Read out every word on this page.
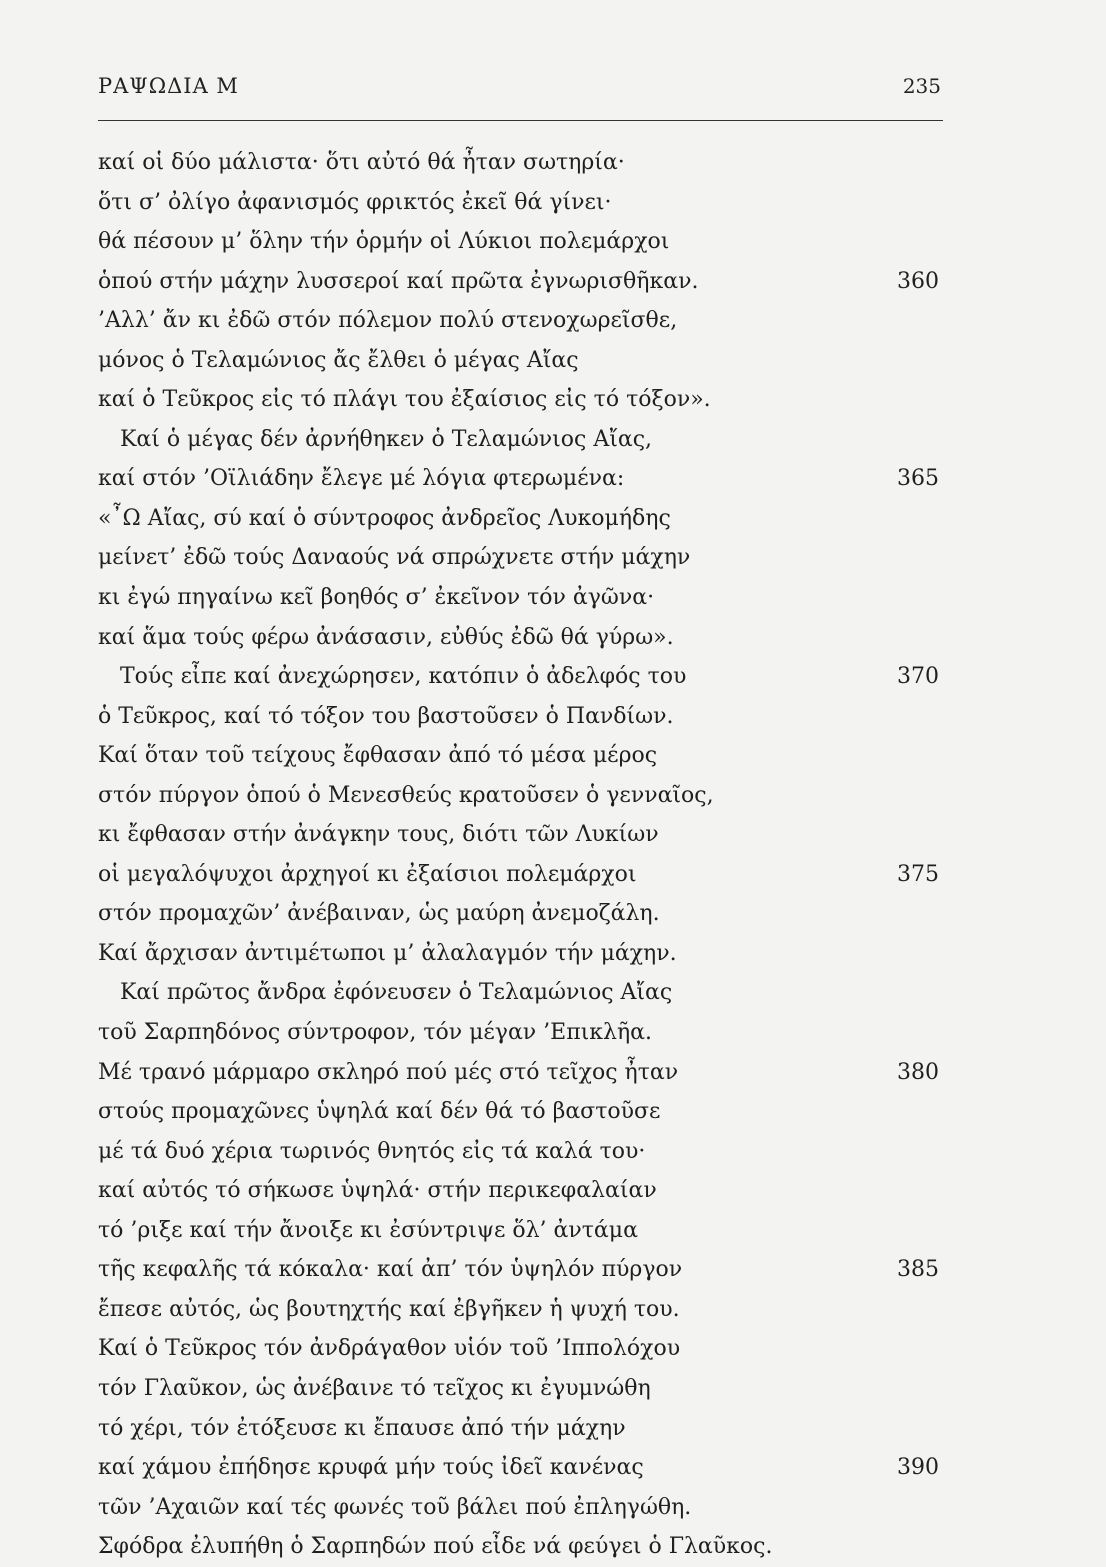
ΡΑΨΩΔΙΑ Μ	235
καί οἱ δύο μάλιστα· ὅτι αὐτό θά ἦταν σωτηρία·
ὅτι σ’ ὀλίγο ἀφανισμός φρικτός ἐκεῖ θά γίνει·
θά πέσουν μ’ ὅλην τήν ὁρμήν οἱ Λύκιοι πολεμάρχοι
ὁπού στήν μάχην λυσσεροί καί πρῶτα ἐγνωρισθῆκαν.	360
’Αλλ’ ἄν κι ἐδῶ στόν πόλεμον πολύ στενοχωρεῖσθε,
μόνος ὁ Τελαμώνιος ἄς ἔλθει ὁ μέγας Αἴας
καί ὁ Τεῦκρος εἰς τό πλάγι του ἐξαίσιος εἰς τό τόξον».
Καί ὁ μέγας δέν ἀρνήθηκεν ὁ Τελαμώνιος Αἴας,
καί στόν ’Οϊλιάδην ἔλεγε μέ λόγια φτερωμένα:	365
«῏Ω Αἴας, σύ καί ὁ σύντροφος ἀνδρεῖος Λυκομήδης
μείνετ’ ἐδῶ τούς Δαναούς νά σπρώχνετε στήν μάχην
κι ἐγώ πηγαίνω κεῖ βοηθός σ’ ἐκεῖνον τόν ἀγῶνα·
καί ἅμα τούς φέρω ἀνάσασιν, εὐθύς ἐδῶ θά γύρω».
Τούς εἶπε καί ἀνεχώρησεν, κατόπιν ὁ ἀδελφός του	370
ὁ Τεῦκρος, καί τό τόξον του βαστοῦσεν ὁ Πανδίων.
Καί ὅταν τοῦ τείχους ἔφθασαν ἀπό τό μέσα μέρος
στόν πύργον ὁπού ὁ Μενεσθεύς κρατοῦσεν ὁ γενναῖος,
κι ἔφθασαν στήν ἀνάγκην τους, διότι τῶν Λυκίων
οἱ μεγαλόψυχοι ἀρχηγοί κι ἐξαίσιοι πολεμάρχοι	375
στόν προμαχῶν’ ἀνέβαιναν, ὡς μαύρη ἀνεμοζάλη.
Καί ἄρχισαν ἀντιμέτωποι μ’ ἀλαλαγμόν τήν μάχην.
Καί πρῶτος ἄνδρα ἐφόνευσεν ὁ Τελαμώνιος Αἴας
τοῦ Σαρπηδόνος σύντροφον, τόν μέγαν ’Επικλῆα.
Μέ τρανό μάρμαρο σκληρό πού μές στό τεῖχος ἦταν	380
στούς προμαχῶνες ὑψηλά καί δέν θά τό βαστοῦσε
μέ τά δυό χέρια τωρινός θνητός εἰς τά καλά του·
καί αὐτός τό σήκωσε ὑψηλά· στήν περικεφαλαίαν
τό ’ριξε καί τήν ἄνοιξε κι ἐσύντριψε ὅλ’ ἀντάμα
τῆς κεφαλῆς τά κόκαλα· καί ἀπ’ τόν ὑψηλόν πύργον	385
ἔπεσε αὐτός, ὡς βουτηχτής καί ἐβγῆκεν ἡ ψυχή του.
Καί ὁ Τεῦκρος τόν ἀνδράγαθον υἱόν τοῦ ’Ιππολόχου
τόν Γλαῦκον, ὡς ἀνέβαινε τό τεῖχος κι ἐγυμνώθη
τό χέρι, τόν ἐτόξευσε κι ἔπαυσε ἀπό τήν μάχην
καί χάμου ἐπήδησε κρυφά μήν τούς ἰδεῖ κανένας	390
τῶν ’Αχαιῶν καί τές φωνές τοῦ βάλει πού ἐπληγώθη.
Σφόδρα ἐλυπήθη ὁ Σαρπηδών πού εἶδε νά φεύγει ὁ Γλαῦκος.
